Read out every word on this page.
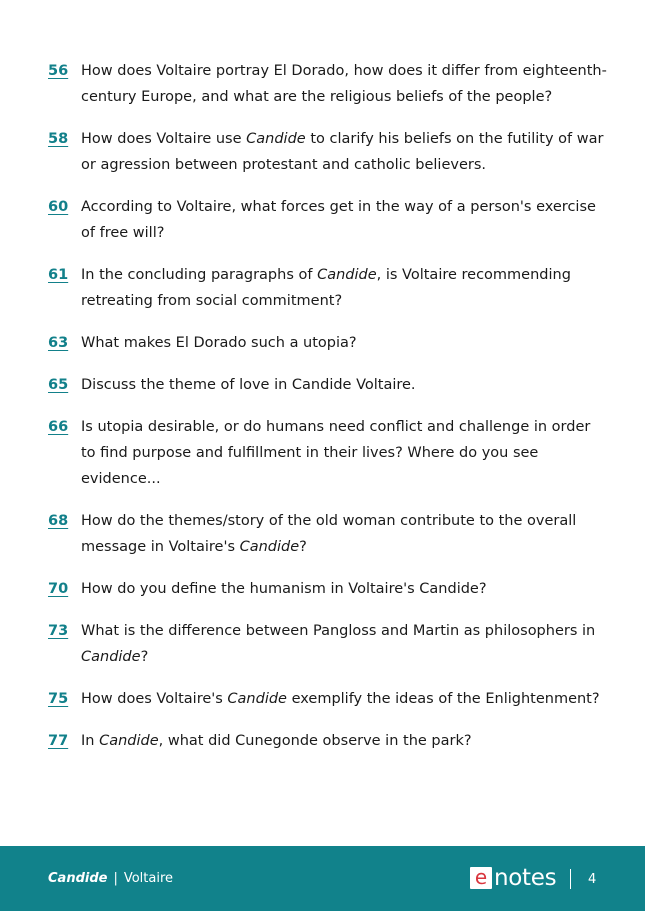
56 How does Voltaire portray El Dorado, how does it differ from eighteenth-century Europe, and what are the religious beliefs of the people?
58 How does Voltaire use Candide to clarify his beliefs on the futility of war or agression between protestant and catholic believers.
60 According to Voltaire, what forces get in the way of a person's exercise of free will?
61 In the concluding paragraphs of Candide, is Voltaire recommending retreating from social commitment?
63 What makes El Dorado such a utopia?
65 Discuss the theme of love in Candide Voltaire.
66 Is utopia desirable, or do humans need conflict and challenge in order to find purpose and fulfillment in their lives? Where do you see evidence...
68 How do the themes/story of the old woman contribute to the overall message in Voltaire's Candide?
70 How do you define the humanism in Voltaire's Candide?
73 What is the difference between Pangloss and Martin as philosophers in Candide?
75 How does Voltaire's Candide exemplify the ideas of the Enlightenment?
77 In Candide, what did Cunegonde observe in the park?
Candide | Voltaire	e notes 4
